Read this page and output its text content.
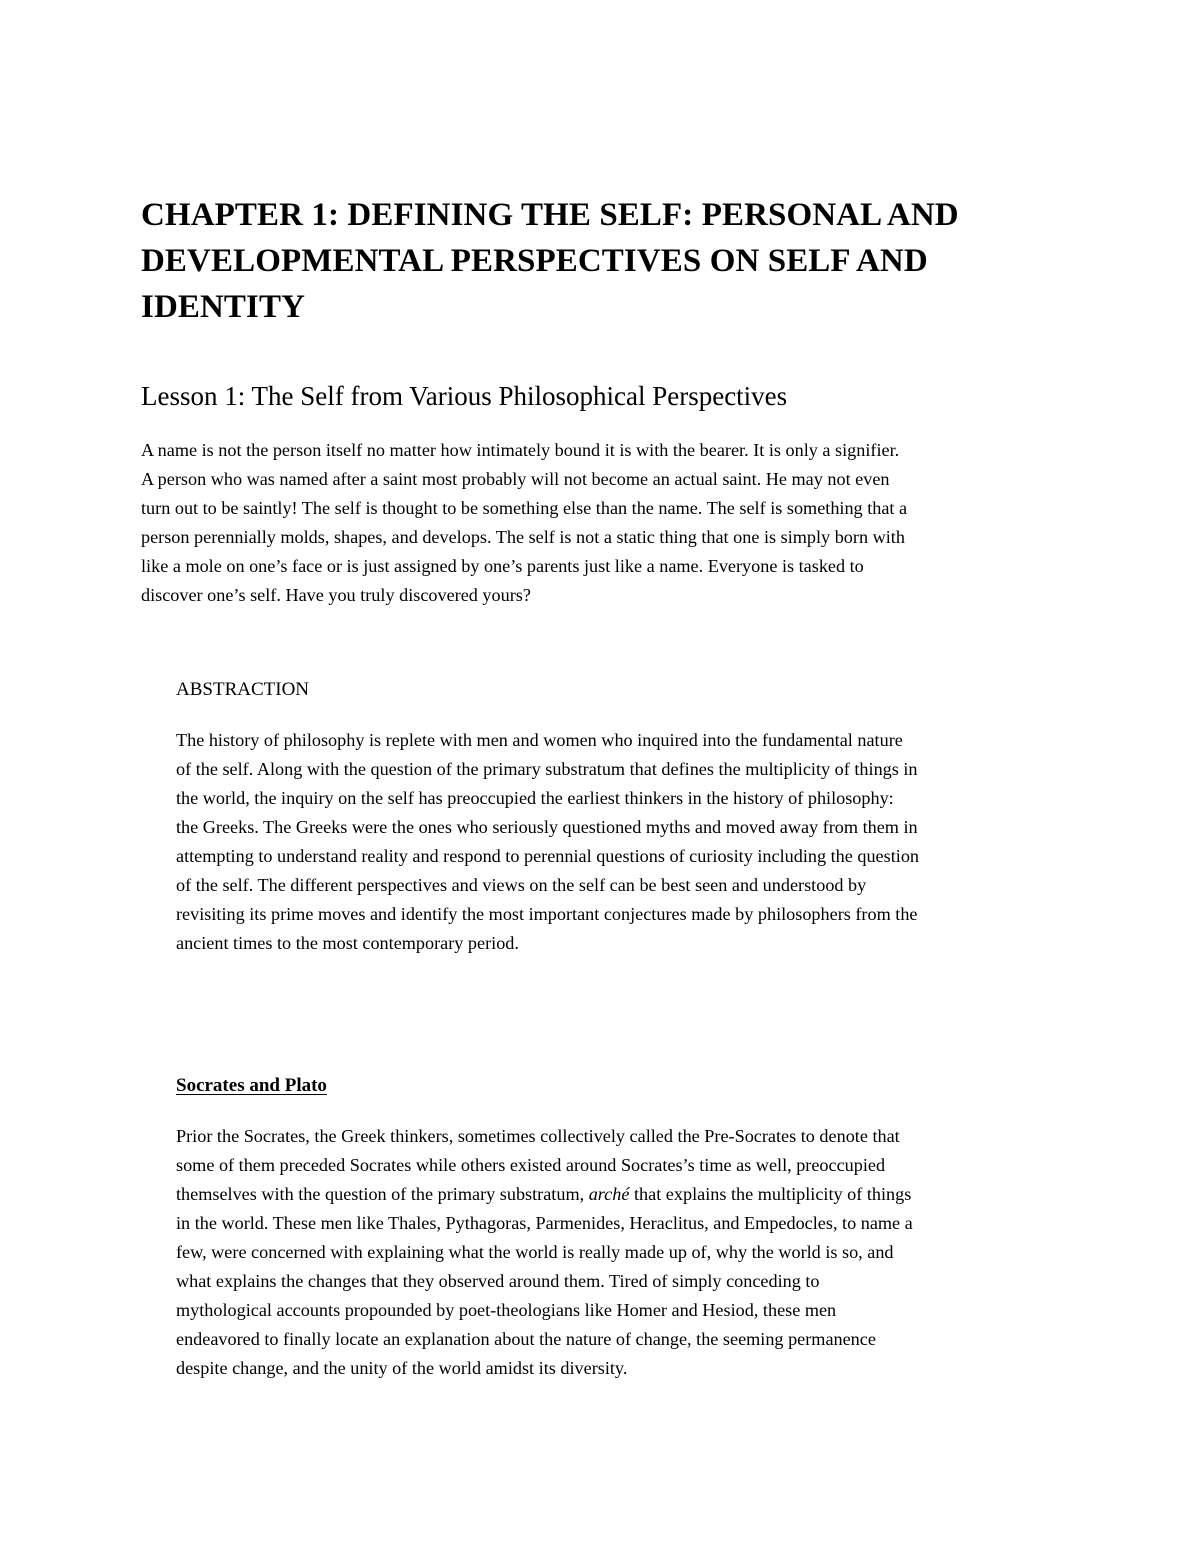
CHAPTER 1: DEFINING THE SELF: PERSONAL AND
DEVELOPMENTAL PERSPECTIVES ON SELF AND
IDENTITY
Lesson 1: The Self from Various Philosophical Perspectives

A name is not the person itself no matter how intimately bound it is with the bearer. It is only a signifier.
A person who was named after a saint most probably will not become an actual saint. He may not even
turn out to be saintly! The self is thought to be something else than the name. The self is something that a
person perennially molds, shapes, and develops. The self is not a static thing that one is simply born with
like a mole on one’s face or is just assigned by one’s parents just like a name. Everyone is tasked to
discover one’s self. Have you truly discovered yours?

ABSTRACTION

The history of philosophy is replete with men and women who inquired into the fundamental nature
of the self. Along with the question of the primary substratum that defines the multiplicity of things in
the world, the inquiry on the self has preoccupied the earliest thinkers in the history of philosophy:
the Greeks. The Greeks were the ones who seriously questioned myths and moved away from them in
attempting to understand reality and respond to perennial questions of curiosity including the question
of the self. The different perspectives and views on the self can be best seen and understood by
revisiting its prime moves and identify the most important conjectures made by philosophers from the
ancient times to the most contemporary period.

Socrates and Plato

Prior the Socrates, the Greek thinkers, sometimes collectively called the Pre-Socrates to denote that
some of them preceded Socrates while others existed around Socrates’s time as well, preoccupied
themselves with the question of the primary substratum, arché that explains the multiplicity of things
in the world. These men like Thales, Pythagoras, Parmenides, Heraclitus, and Empedocles, to name a
few, were concerned with explaining what the world is really made up of, why the world is so, and
what explains the changes that they observed around them. Tired of simply conceding to
mythological accounts propounded by poet-theologians like Homer and Hesiod, these men
endeavored to finally locate an explanation about the nature of change, the seeming permanence
despite change, and the unity of the world amidst its diversity.
